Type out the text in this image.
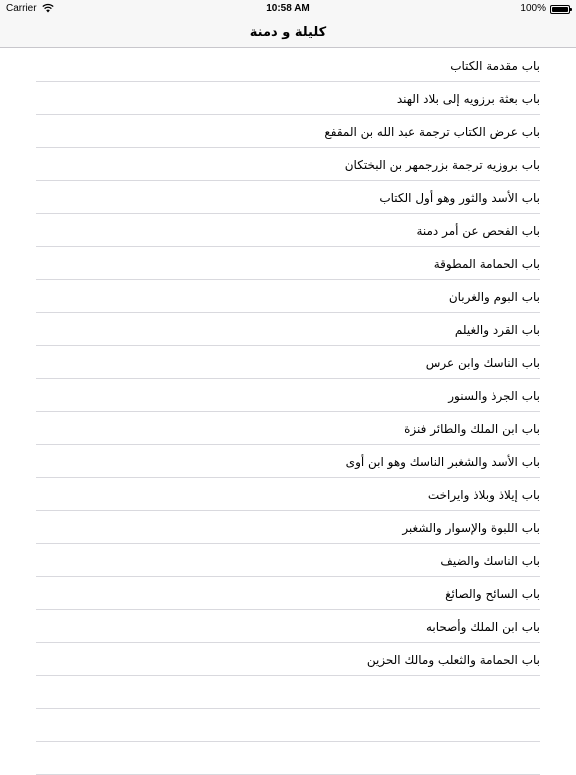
Carrier	10:58 AM	100%
كليلة و دمنة
باب مقدمة الكتاب
باب بعثة برزويه إلى بلاد الهند
باب عرض الكتاب ترجمة عبد الله بن المقفع
باب بروزيه ترجمة بزرجمهر بن البختكان
باب الأسد والثور وهو أول الكتاب
باب الفحص عن أمر دمنة
باب الحمامة المطوقة
باب البوم والغربان
باب القرد والغيلم
باب الناسك وابن عرس
باب الجرذ والسنور
باب ابن الملك والطائر فنزة
باب الأسد والشغبر الناسك وهو ابن أوى
باب إيلاذ وبلاذ وايراخت
باب اللبوة والإسوار والشغبر
باب الناسك والضيف
باب السائح والصائغ
باب ابن الملك وأصحابه
باب الحمامة والثعلب ومالك الحزين
